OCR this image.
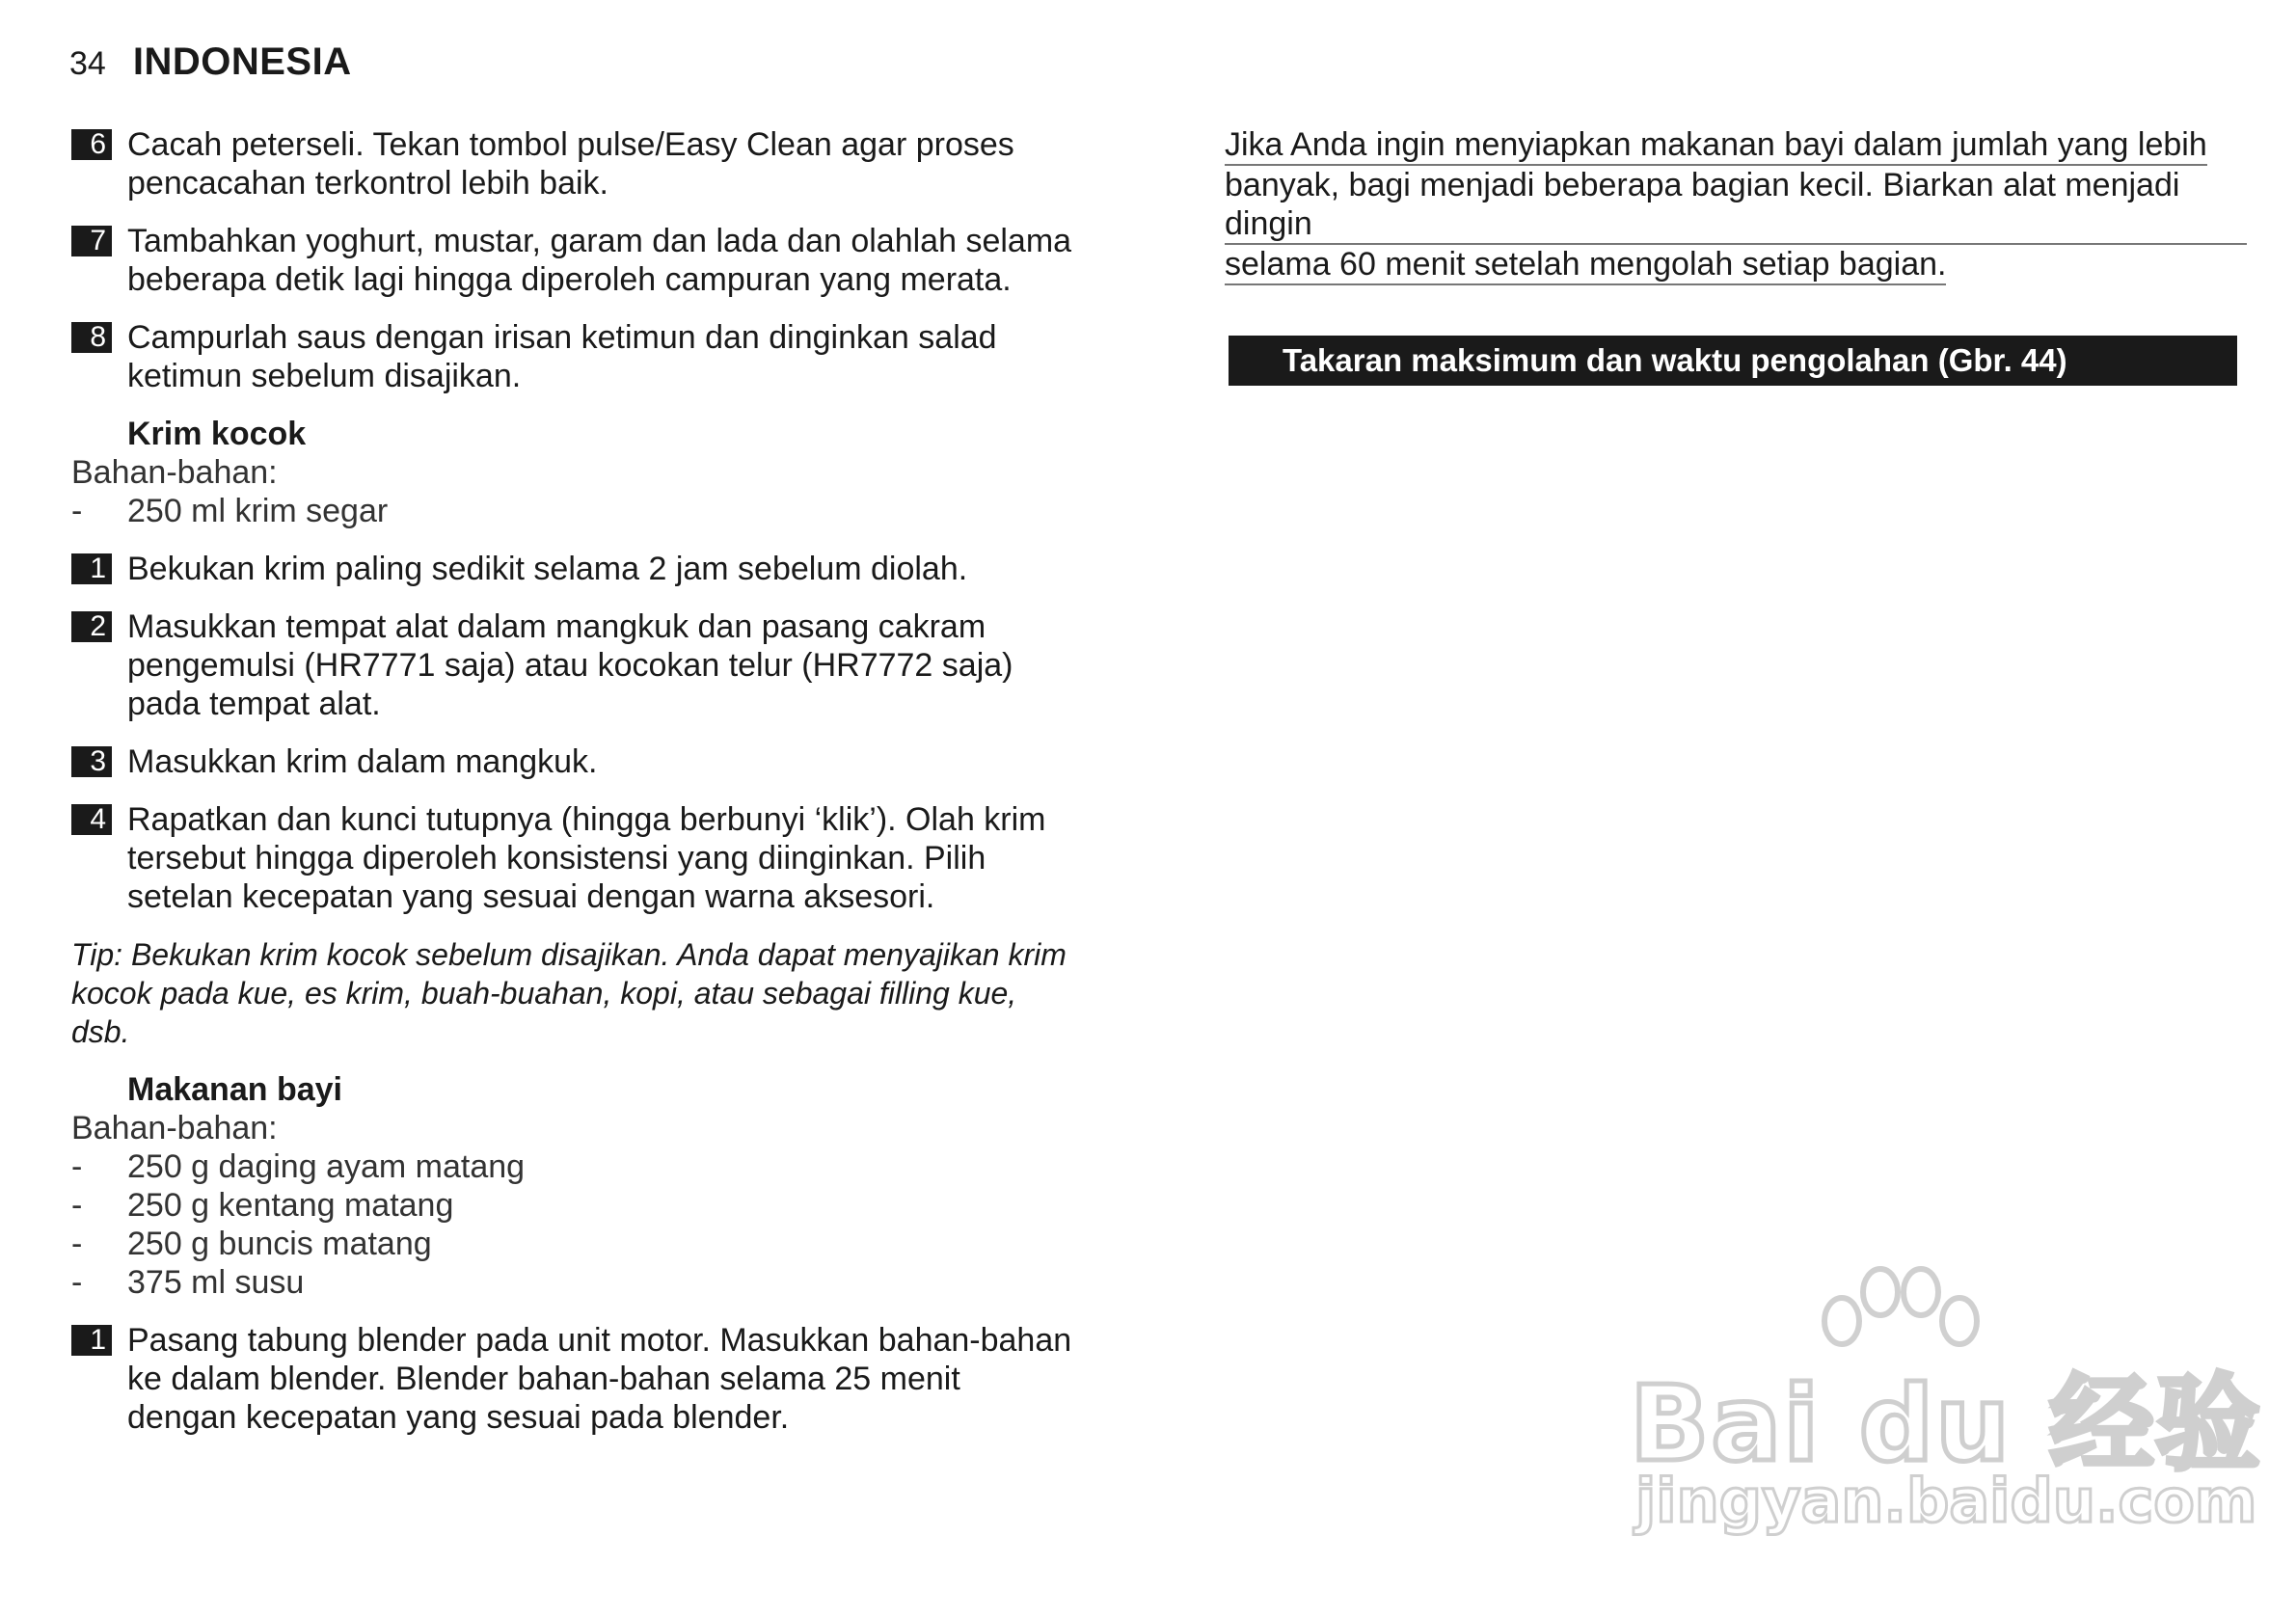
34 INDONESIA
6 Cacah peterseli. Tekan tombol pulse/Easy Clean agar proses pencacahan terkontrol lebih baik.
7 Tambahkan yoghurt, mustar, garam dan lada dan olahlah selama beberapa detik lagi hingga diperoleh campuran yang merata.
8 Campurlah saus dengan irisan ketimun dan dinginkan salad ketimun sebelum disajikan.
Krim kocok
Bahan-bahan:
- 250 ml krim segar
1 Bekukan krim paling sedikit selama 2 jam sebelum diolah.
2 Masukkan tempat alat dalam mangkuk dan pasang cakram pengemulsi (HR7771 saja) atau kocokan telur (HR7772 saja) pada tempat alat.
3 Masukkan krim dalam mangkuk.
4 Rapatkan dan kunci tutupnya (hingga berbunyi ‘klik’). Olah krim tersebut hingga diperoleh konsistensi yang diinginkan. Pilih setelan kecepatan yang sesuai dengan warna aksesori.
Tip: Bekukan krim kocok sebelum disajikan. Anda dapat menyajikan krim kocok pada kue, es krim, buah-buahan, kopi, atau sebagai filling kue, dsb.
Makanan bayi
Bahan-bahan:
- 250 g daging ayam matang
- 250 g kentang matang
- 250 g buncis matang
- 375 ml susu
1 Pasang tabung blender pada unit motor. Masukkan bahan-bahan ke dalam blender. Blender bahan-bahan selama 25 menit dengan kecepatan yang sesuai pada blender.
Jika Anda ingin menyiapkan makanan bayi dalam jumlah yang lebih
banyak, bagi menjadi beberapa bagian kecil. Biarkan alat menjadi dingin
selama 60 menit setelah mengolah setiap bagian.
Takaran maksimum dan waktu pengolahan (Gbr. 44)
Bai du 经验
jingyan.baidu.com
